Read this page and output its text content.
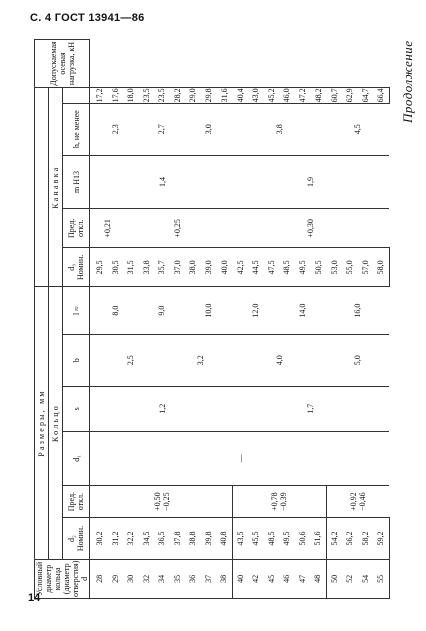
С. 4 ГОСТ 13941—86
Продолжение
Условный диаметр кольца (диаметр отверстия) d	Размеры, мм											Допускаемая осевая нагрузка, кН
	Кольцо						Канавка					
	d₂
Номин.	Пред. откл.	d₁	s	b	l ≈	d₃
Номин.	Пред. откл.	m H13	h, не менее		
28	30,2	+0,50
−0,25	—	1,2	2,5	8,0	29,5	+0,21	1,4	2,3	17,2	
29	31,2						30,5				17,6	
30	32,2						31,5	+0,25			18,0	
32	34,5					9,0	33,8			2,7	23,5	
34	36,5						35,7				23,5	
35	37,8				3,2		37,0				28,2	
36	38,8					10,0	38,0			3,0	29,0	
37	39,8						39,0				29,8	
38	40,8						40,0				31,6	
40	43,5	+0,78
−0,39		1,7	4,0	12,0	42,5	+0,30	1,9	3,8	40,4	
42	45,5						44,5				43,0	
45	48,5						47,5				45,2	
46	49,5					14,0	48,5				46,0	
47	50,6						49,5				47,2	
48	51,6						50,5				48,2	
50	54,2	+0,92
−0,46			5,0	16,0	53,0			4,5	60,7	
52	56,2						55,0				62,9	
54	58,2						57,0				64,7	
55	59,2						58,0				66,4	
14
